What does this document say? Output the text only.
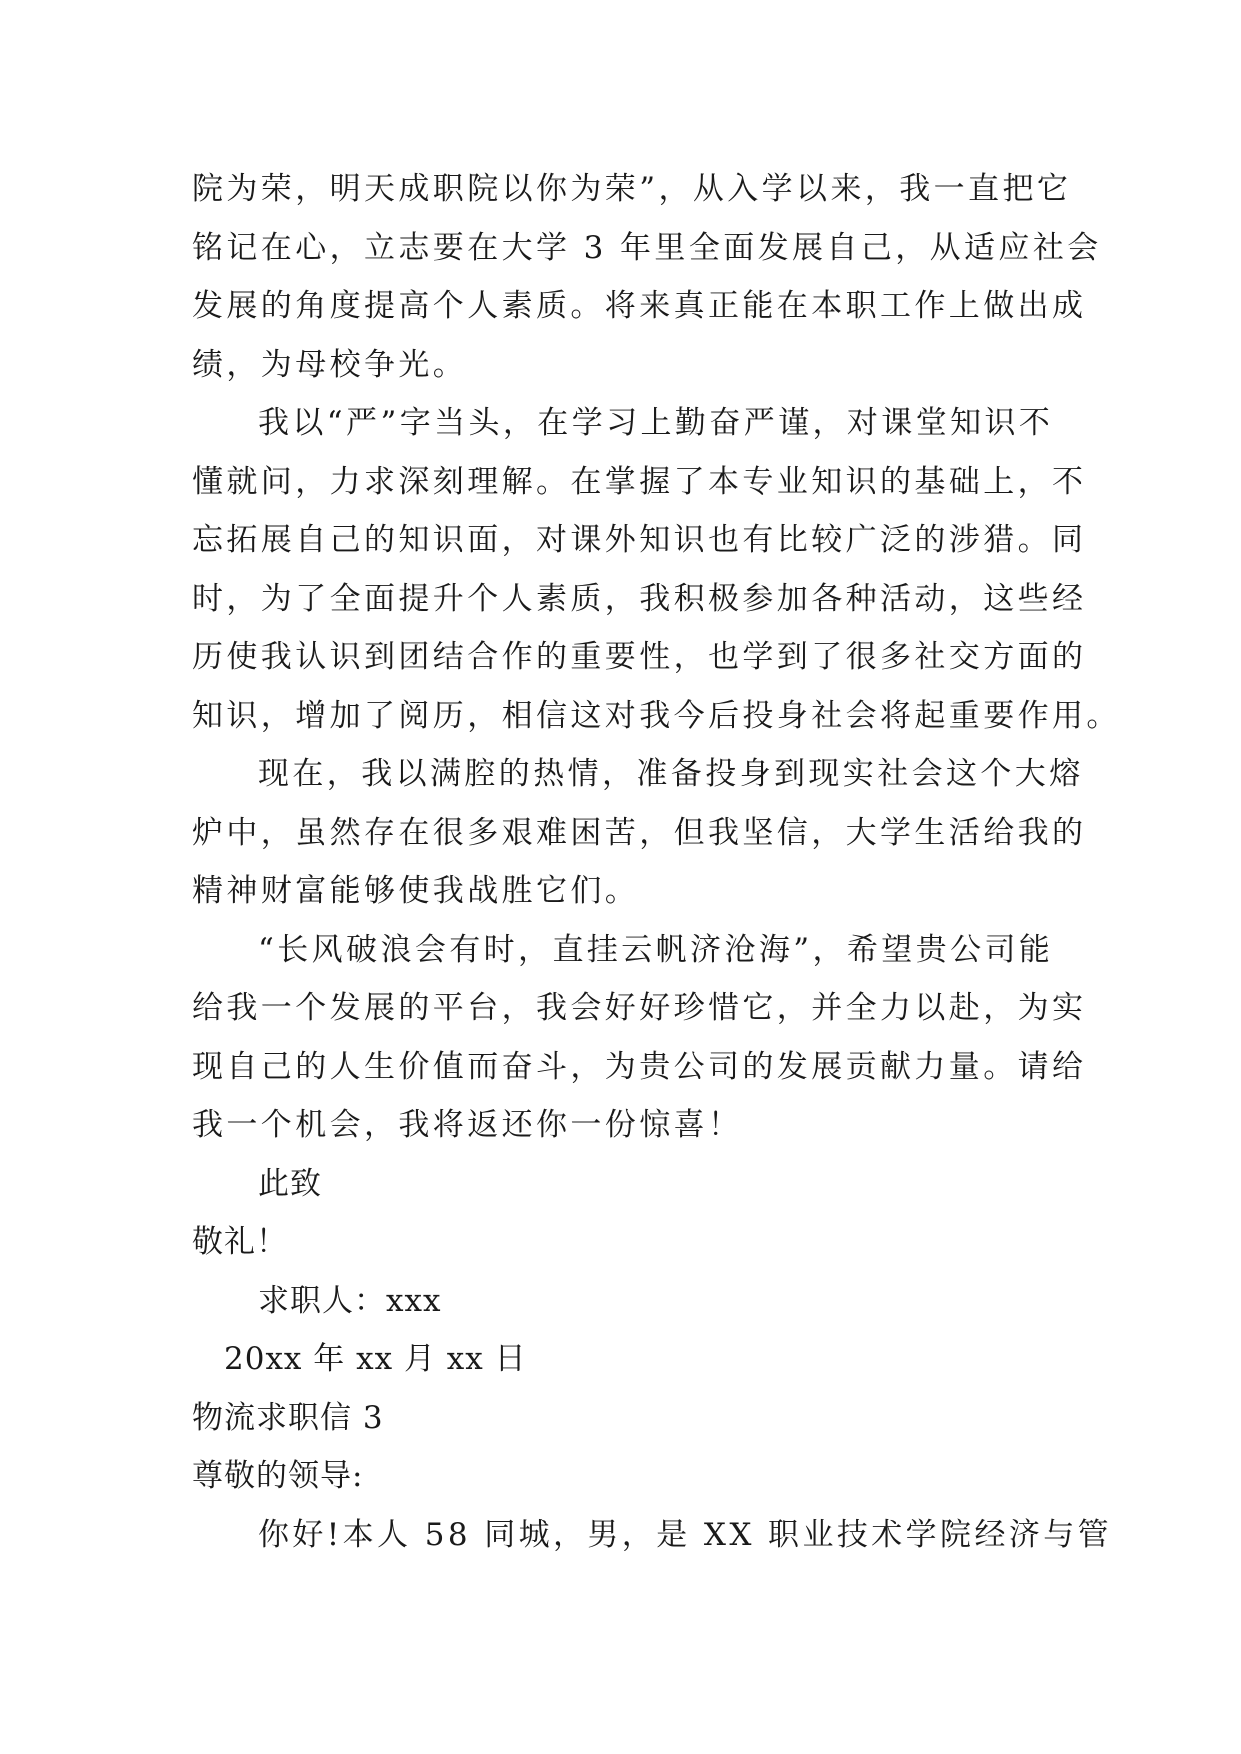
院为荣，明天成职院以你为荣”，从入学以来，我一直把它
铭记在心，立志要在大学 3 年里全面发展自己，从适应社会
发展的角度提高个人素质。将来真正能在本职工作上做出成
绩，为母校争光。
我以“严”字当头，在学习上勤奋严谨，对课堂知识不
懂就问，力求深刻理解。在掌握了本专业知识的基础上，不
忘拓展自己的知识面，对课外知识也有比较广泛的涉猎。同
时，为了全面提升个人素质，我积极参加各种活动，这些经
历使我认识到团结合作的重要性，也学到了很多社交方面的
知识，增加了阅历，相信这对我今后投身社会将起重要作用。
现在，我以满腔的热情，准备投身到现实社会这个大熔
炉中，虽然存在很多艰难困苦，但我坚信，大学生活给我的
精神财富能够使我战胜它们。
“长风破浪会有时，直挂云帆济沧海”，希望贵公司能
给我一个发展的平台，我会好好珍惜它，并全力以赴，为实
现自己的人生价值而奋斗，为贵公司的发展贡献力量。请给
我一个机会，我将返还你一份惊喜！
此致
敬礼！
求职人：xxx
20xx 年 xx 月 xx 日
物流求职信 3
尊敬的领导:
你好!本人 58 同城，男，是 XX 职业技术学院经济与管
